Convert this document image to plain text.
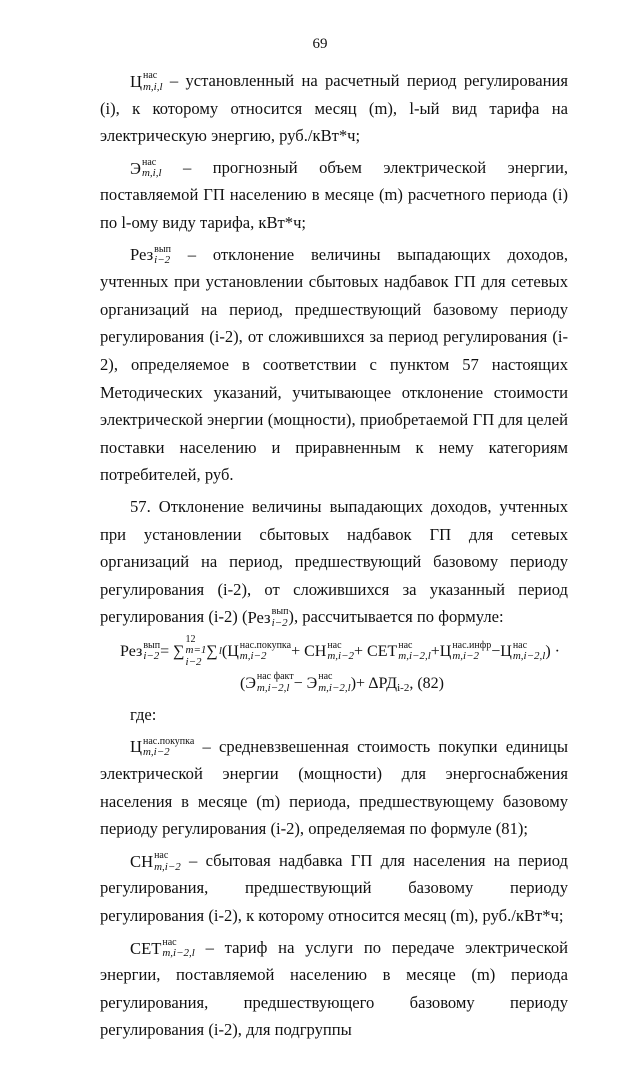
69

Ц нас
m,i,l – установленный на расчетный период регулирования (i), к которому относится месяц (m), l-ый вид тарифа на электрическую энергию, руб./кВт*ч;

Э нас
m,i,l – прогнозный объем электрической энергии, поставляемой ГП населению в месяце (m) расчетного периода (i) по l-ому виду тарифа, кВт*ч;

Рез вып
i−2 – отклонение величины выпадающих доходов, учтенных при установлении сбытовых надбавок ГП для сетевых организаций на период, предшествующий базовому периоду регулирования (i-2), от сложившихся за период регулирования (i-2), определяемое в соответствии с пунктом 57 настоящих Методических указаний, учитывающее отклонение стоимости электрической энергии (мощности), приобретаемой ГП для целей поставки населению и приравненным к нему категориям потребителей, руб.

57. Отклонение величины выпадающих доходов, учтенных при установлении сбытовых надбавок ГП для сетевых организаций на период, предшествующий базовому периоду регулирования (i-2), от сложившихся за указанный период регулирования (i-2) ( Рез вып
i−2 ), рассчитывается по формуле:

Рез вып
i−2 = ∑
12
m=1
i−2
∑ l (Ц нас.покупка
m,i−2	+ СН нас
m,i−2 + СЕТ нас
m,i−2,l +Ц нас.инфр
m,i−2 −Ц нас
m,i−2,l ) ·
(Э нас факт
m,i−2,l − Э нас
m,i−2,l )+ ΔРД i-2 , (82)
где:

Ц нас.покупка
m,i−2	– средневзвешенная стоимость покупки единицы электрической энергии (мощности) для энергоснабжения населения в месяце (m) периода, предшествующему базовому периоду регулирования (i-2), определяемая по формуле (81);

СН нас
m,i−2 – сбытовая надбавка ГП для населения на период регулирования, предшествующий базовому периоду регулирования (i-2), к которому относится месяц (m), руб./кВт*ч;

СЕТ нас
m,i−2,l – тариф на услуги по передаче электрической энергии, поставляемой населению в месяце (m) периода регулирования, предшествующего базовому периоду регулирования (i-2), для подгруппы
